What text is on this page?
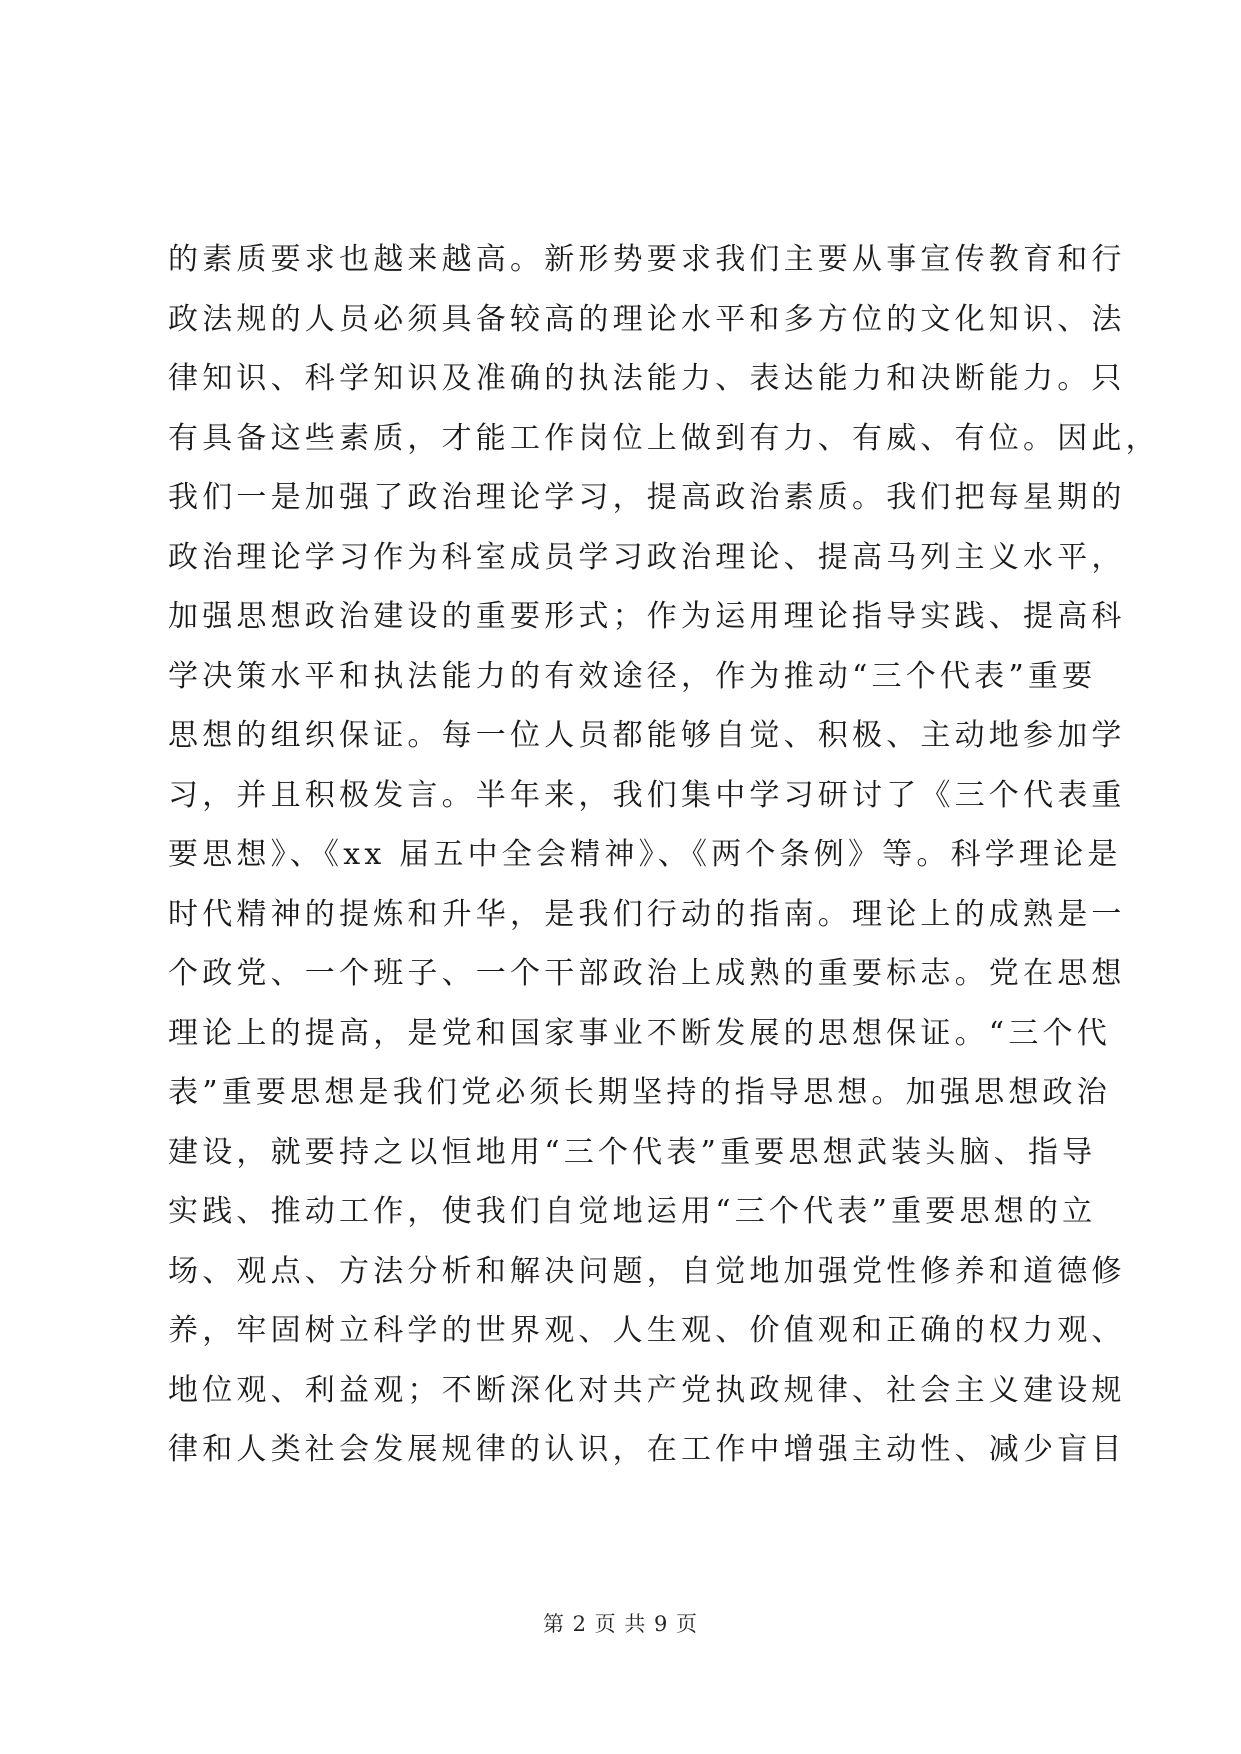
的素质要求也越来越高。新形势要求我们主要从事宣传教育和行
政法规的人员必须具备较高的理论水平和多方位的文化知识、法
律知识、科学知识及准确的执法能力、表达能力和决断能力。只
有具备这些素质，才能工作岗位上做到有力、有威、有位。因此，
我们一是加强了政治理论学习，提高政治素质。我们把每星期的
政治理论学习作为科室成员学习政治理论、提高马列主义水平，
加强思想政治建设的重要形式；作为运用理论指导实践、提高科
学决策水平和执法能力的有效途径，作为推动“三个代表”重要
思想的组织保证。每一位人员都能够自觉、积极、主动地参加学
习，并且积极发言。半年来，我们集中学习研讨了《三个代表重
要思想》、《xx 届五中全会精神》、《两个条例》等。科学理论是
时代精神的提炼和升华，是我们行动的指南。理论上的成熟是一
个政党、一个班子、一个干部政治上成熟的重要标志。党在思想
理论上的提高，是党和国家事业不断发展的思想保证。“三个代
表”重要思想是我们党必须长期坚持的指导思想。加强思想政治
建设，就要持之以恒地用“三个代表”重要思想武装头脑、指导
实践、推动工作，使我们自觉地运用“三个代表”重要思想的立
场、观点、方法分析和解决问题，自觉地加强党性修养和道德修
养，牢固树立科学的世界观、人生观、价值观和正确的权力观、
地位观、利益观；不断深化对共产党执政规律、社会主义建设规
律和人类社会发展规律的认识，在工作中增强主动性、减少盲目
第 2 页 共 9 页
